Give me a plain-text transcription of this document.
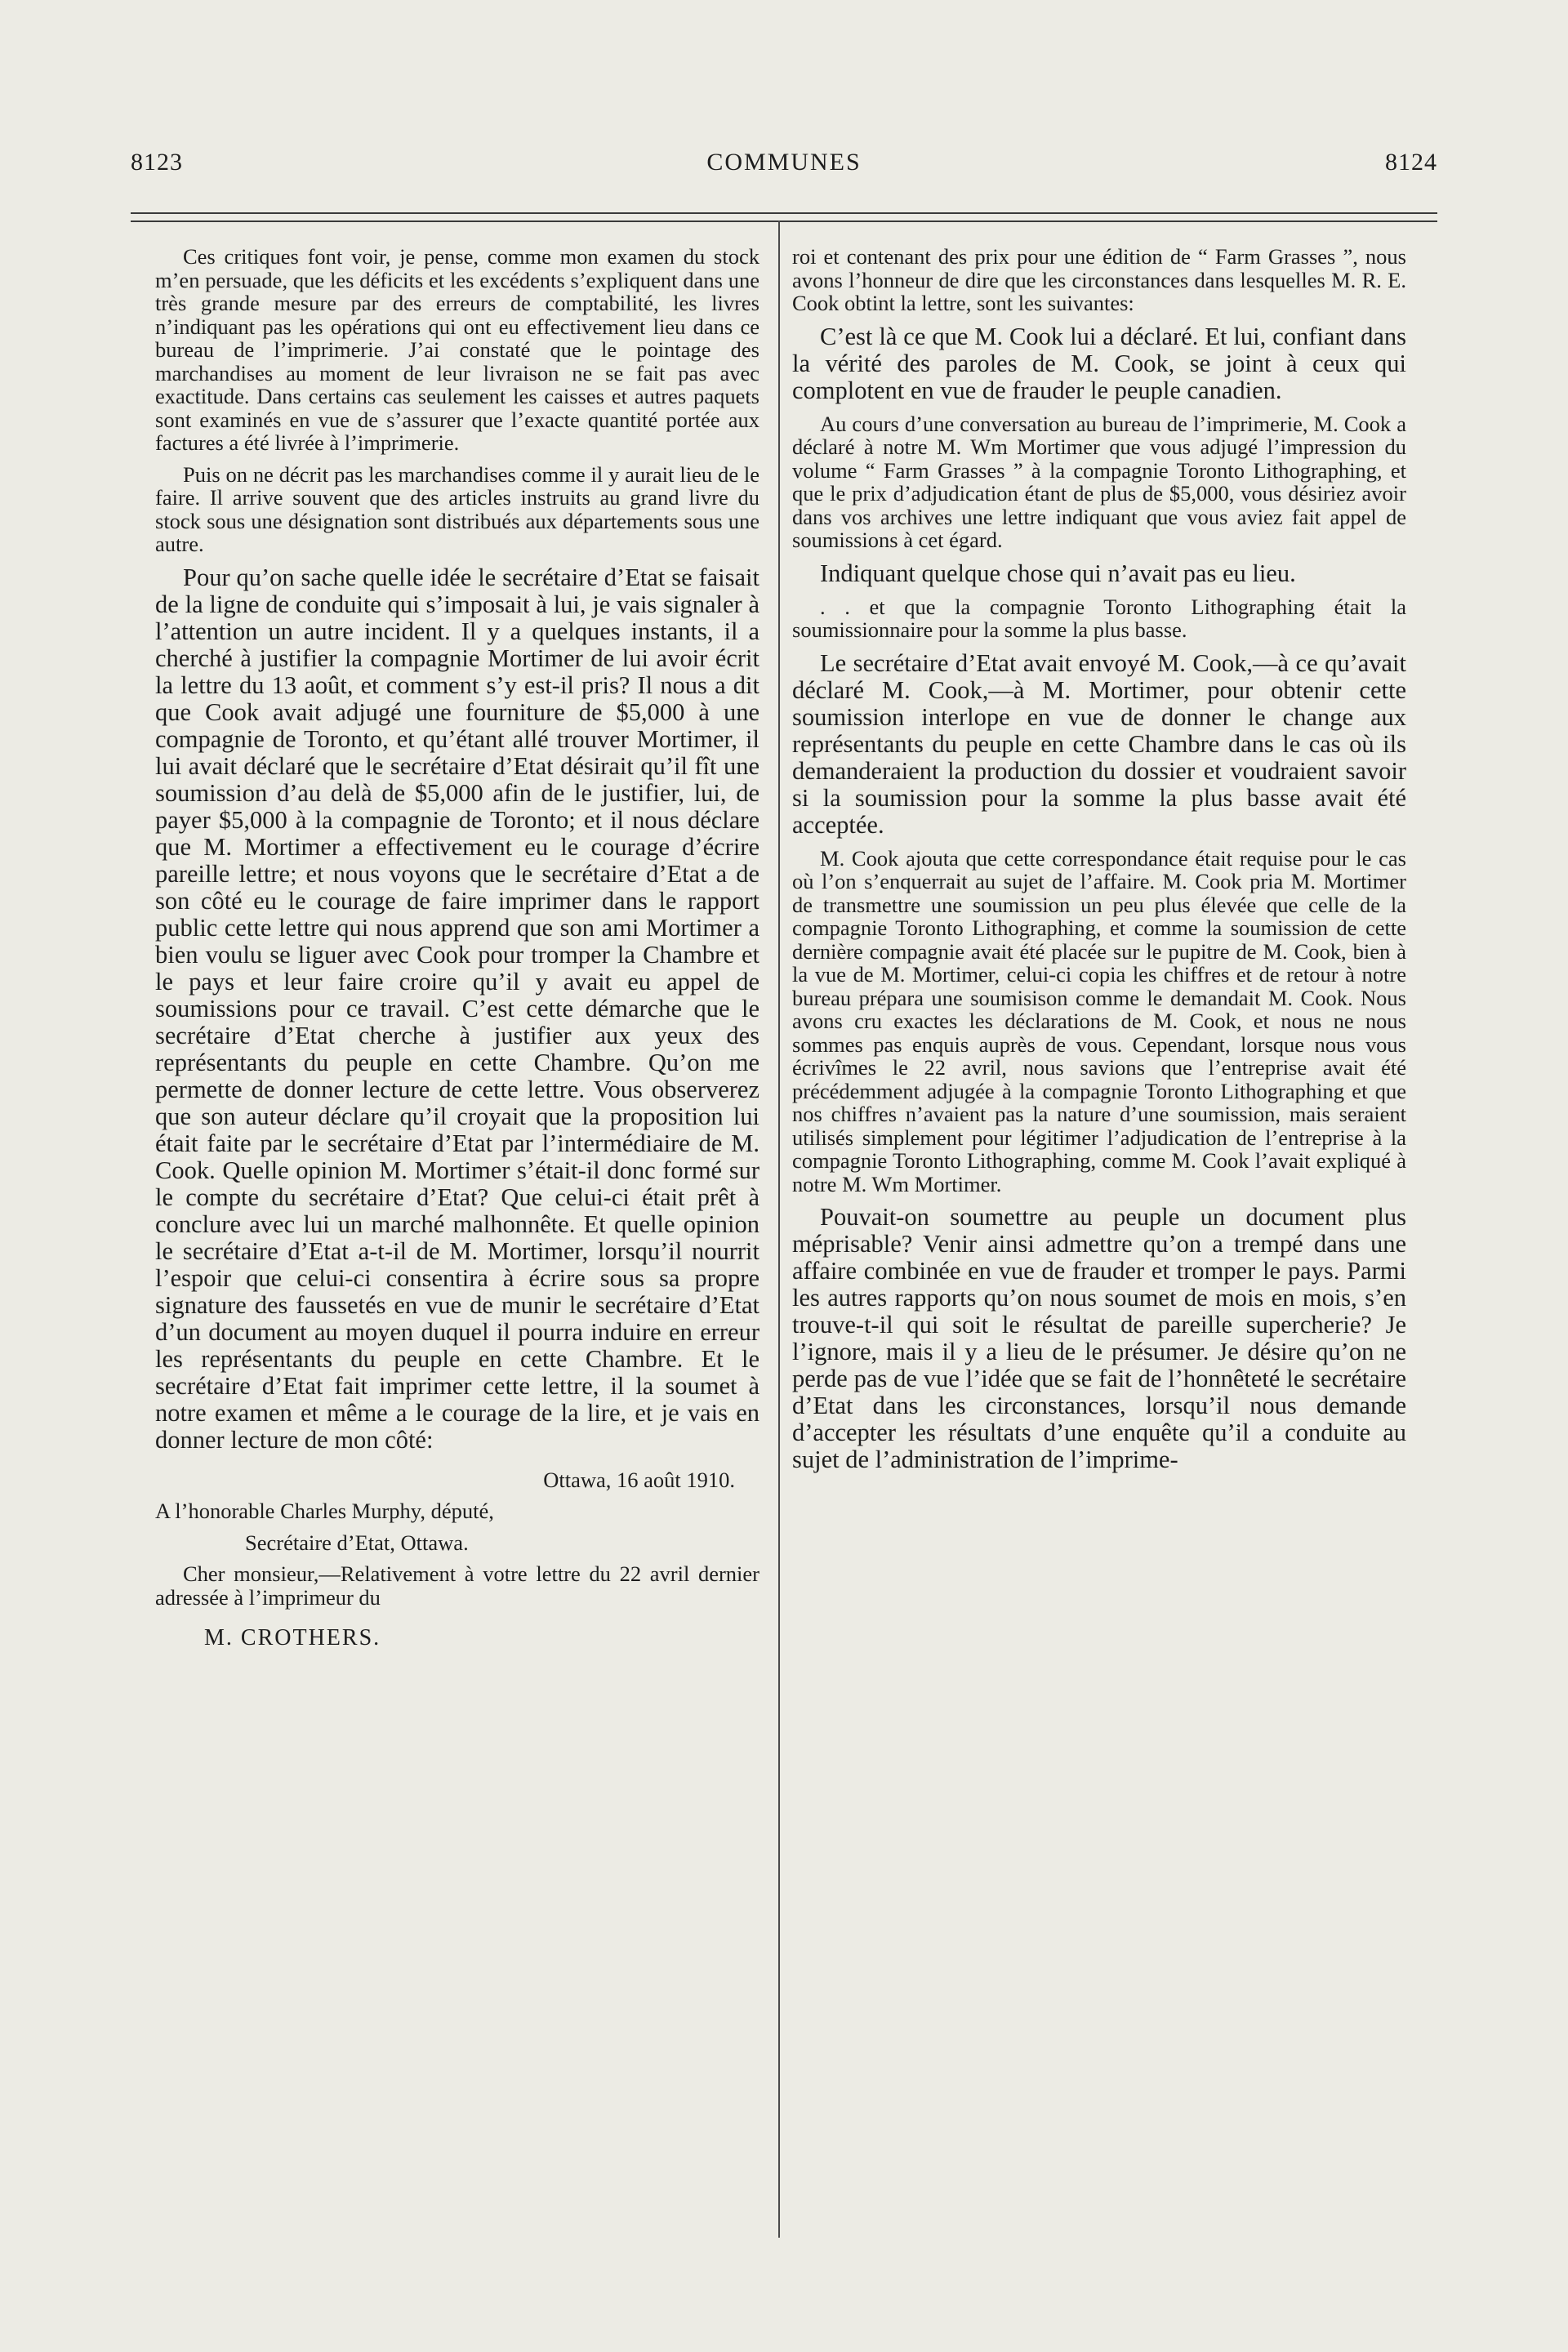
8123	COMMUNES	8124

Ces critiques font voir, je pense, comme mon examen du stock m’en persuade, que les déficits et les excédents s’expliquent dans une très grande mesure par des erreurs de comptabilité, les livres n’indiquant pas les opérations qui ont eu effectivement lieu dans ce bureau de l’imprimerie. J’ai constaté que le pointage des marchandises au moment de leur livraison ne se fait pas avec exactitude. Dans certains cas seulement les caisses et autres paquets sont examinés en vue de s’assurer que l’exacte quantité portée aux factures a été livrée à l’imprimerie.

Puis on ne décrit pas les marchandises comme il y aurait lieu de le faire. Il arrive souvent que des articles instruits au grand livre du stock sous une désignation sont distribués aux départements sous une autre.

Pour qu’on sache quelle idée le secrétaire d’Etat se faisait de la ligne de conduite qui s’imposait à lui, je vais signaler à l’attention un autre incident. Il y a quelques instants, il a cherché à justifier la compagnie Mortimer de lui avoir écrit la lettre du 13 août, et comment s’y est-il pris? Il nous a dit que Cook avait adjugé une fourniture de $5,000 à une compagnie de Toronto, et qu’étant allé trouver Mortimer, il lui avait déclaré que le secrétaire d’Etat désirait qu’il fît une soumission d’au delà de $5,000 afin de le justifier, lui, de payer $5,000 à la compagnie de Toronto; et il nous déclare que M. Mortimer a effectivement eu le courage d’écrire pareille lettre; et nous voyons que le secrétaire d’Etat a de son côté eu le courage de faire imprimer dans le rapport public cette lettre qui nous apprend que son ami Mortimer a bien voulu se liguer avec Cook pour tromper la Chambre et le pays et leur faire croire qu’il y avait eu appel de soumissions pour ce travail. C’est cette démarche que le secrétaire d’Etat cherche à justifier aux yeux des représentants du peuple en cette Chambre. Qu’on me permette de donner lecture de cette lettre. Vous observerez que son auteur déclare qu’il croyait que la proposition lui était faite par le secrétaire d’Etat par l’intermédiaire de M. Cook. Quelle opinion M. Mortimer s’était-il donc formé sur le compte du secrétaire d’Etat? Que celui-ci était prêt à conclure avec lui un marché malhonnête. Et quelle opinion le secrétaire d’Etat a-t-il de M. Mortimer, lorsqu’il nourrit l’espoir que celui-ci consentira à écrire sous sa propre signature des faussetés en vue de munir le secrétaire d’Etat d’un document au moyen duquel il pourra induire en erreur les représentants du peuple en cette Chambre. Et le secrétaire d’Etat fait imprimer cette lettre, il la soumet à notre examen et même a le courage de la lire, et je vais en donner lecture de mon côté:

Ottawa, 16 août 1910.

A l’honorable Charles Murphy, député,

Secrétaire d’Etat, Ottawa.

Cher monsieur,—Relativement à votre lettre du 22 avril dernier adressée à l’imprimeur du

M. CROTHERS.

roi et contenant des prix pour une édition de “ Farm Grasses ”, nous avons l’honneur de dire que les circonstances dans lesquelles M. R. E. Cook obtint la lettre, sont les suivantes:

C’est là ce que M. Cook lui a déclaré. Et lui, confiant dans la vérité des paroles de M. Cook, se joint à ceux qui complotent en vue de frauder le peuple canadien.

Au cours d’une conversation au bureau de l’imprimerie, M. Cook a déclaré à notre M. Wm Mortimer que vous adjugé l’impression du volume “ Farm Grasses ” à la compagnie Toronto Lithographing, et que le prix d’adjudication étant de plus de $5,000, vous désiriez avoir dans vos archives une lettre indiquant que vous aviez fait appel de soumissions à cet égard.

Indiquant quelque chose qui n’avait pas eu lieu.

. . et que la compagnie Toronto Lithographing était la soumissionnaire pour la somme la plus basse.

Le secrétaire d’Etat avait envoyé M. Cook,—à ce qu’avait déclaré M. Cook,—à M. Mortimer, pour obtenir cette soumission interlope en vue de donner le change aux représentants du peuple en cette Chambre dans le cas où ils demanderaient la production du dossier et voudraient savoir si la soumission pour la somme la plus basse avait été acceptée.

M. Cook ajouta que cette correspondance était requise pour le cas où l’on s’enquerrait au sujet de l’affaire. M. Cook pria M. Mortimer de transmettre une soumission un peu plus élevée que celle de la compagnie Toronto Lithographing, et comme la soumission de cette dernière compagnie avait été placée sur le pupitre de M. Cook, bien à la vue de M. Mortimer, celui-ci copia les chiffres et de retour à notre bureau prépara une soumisison comme le demandait M. Cook. Nous avons cru exactes les déclarations de M. Cook, et nous ne nous sommes pas enquis auprès de vous. Cependant, lorsque nous vous écrivîmes le 22 avril, nous savions que l’entreprise avait été précédemment adjugée à la compagnie Toronto Lithographing et que nos chiffres n’avaient pas la nature d’une soumission, mais seraient utilisés simplement pour légitimer l’adjudication de l’entreprise à la compagnie Toronto Lithographing, comme M. Cook l’avait expliqué à notre M. Wm Mortimer.

Pouvait-on soumettre au peuple un document plus méprisable? Venir ainsi admettre qu’on a trempé dans une affaire combinée en vue de frauder et tromper le pays. Parmi les autres rapports qu’on nous soumet de mois en mois, s’en trouve-t-il qui soit le résultat de pareille supercherie? Je l’ignore, mais il y a lieu de le présumer. Je désire qu’on ne perde pas de vue l’idée que se fait de l’honnêteté le secrétaire d’Etat dans les circonstances, lorsqu’il nous demande d’accepter les résultats d’une enquête qu’il a conduite au sujet de l’administration de l’imprime-
